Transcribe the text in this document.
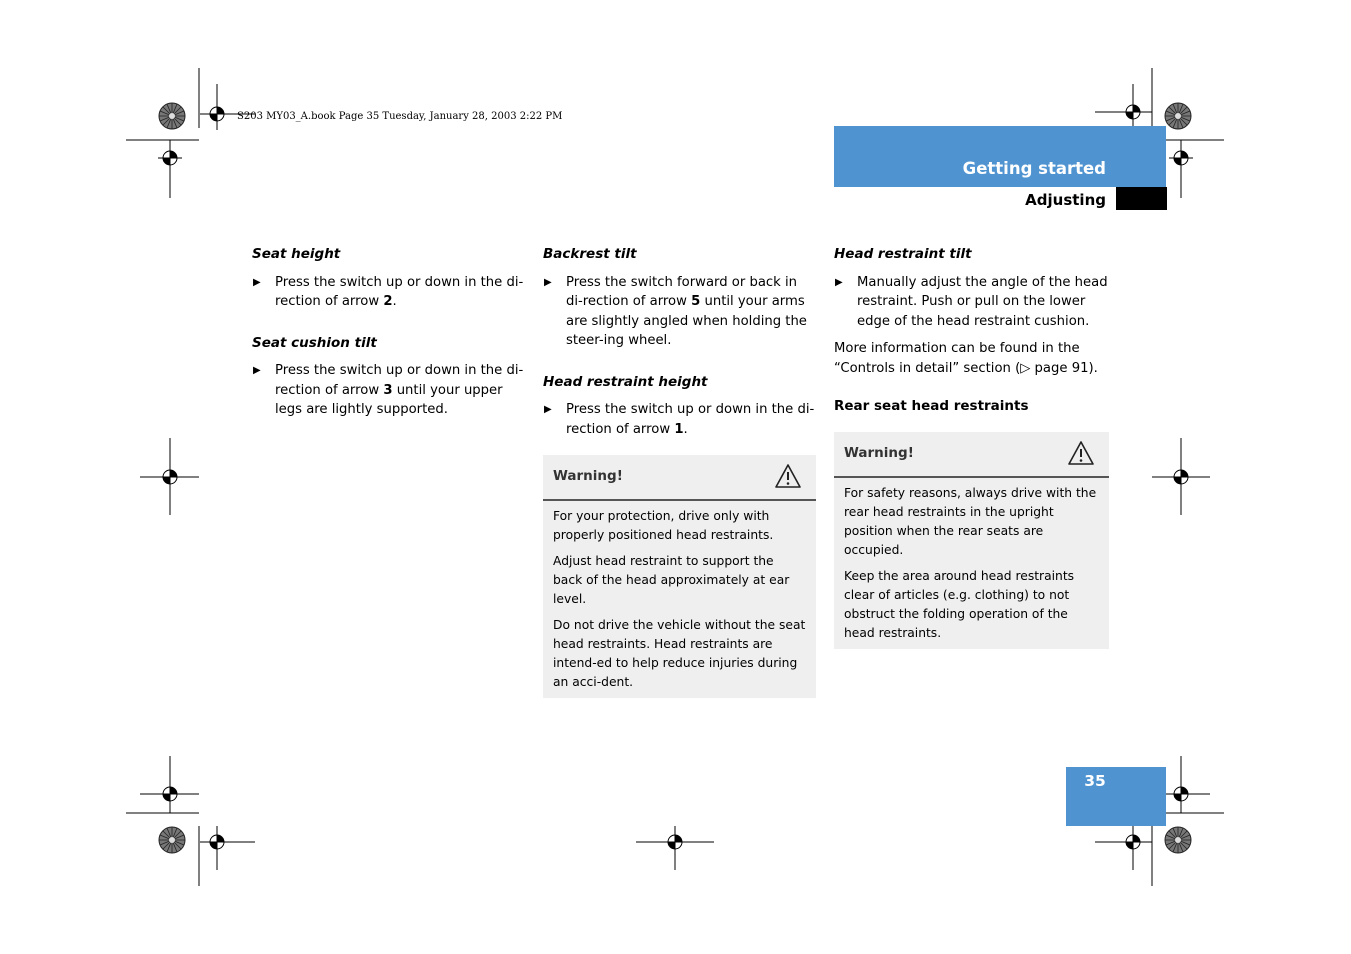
S203 MY03_A.book Page 35 Tuesday, January 28, 2003 2:22 PM
Getting started
Adjusting
Seat height
▶ Press the switch up or down in the di-rection of arrow 2.
Seat cushion tilt
▶ Press the switch up or down in the di-rection of arrow 3 until your upper legs are lightly supported.
Backrest tilt
▶ Press the switch forward or back in di-rection of arrow 5 until your arms are slightly angled when holding the steer-ing wheel.
Head restraint height
▶ Press the switch up or down in the di-rection of arrow 1.
Warning!

For your protection, drive only with properly positioned head restraints.

Adjust head restraint to support the back of the head approximately at ear level.

Do not drive the vehicle without the seat head restraints. Head restraints are intend-ed to help reduce injuries during an acci-dent.

Head restraint tilt
▶ Manually adjust the angle of the head restraint. Push or pull on the lower edge of the head restraint cushion.
More information can be found in the “Controls in detail” section (▷ page 91).
Rear seat head restraints
Warning!

For safety reasons, always drive with the rear head restraints in the upright position when the rear seats are occupied.

Keep the area around head restraints clear of articles (e.g. clothing) to not obstruct the folding operation of the head restraints.

35
